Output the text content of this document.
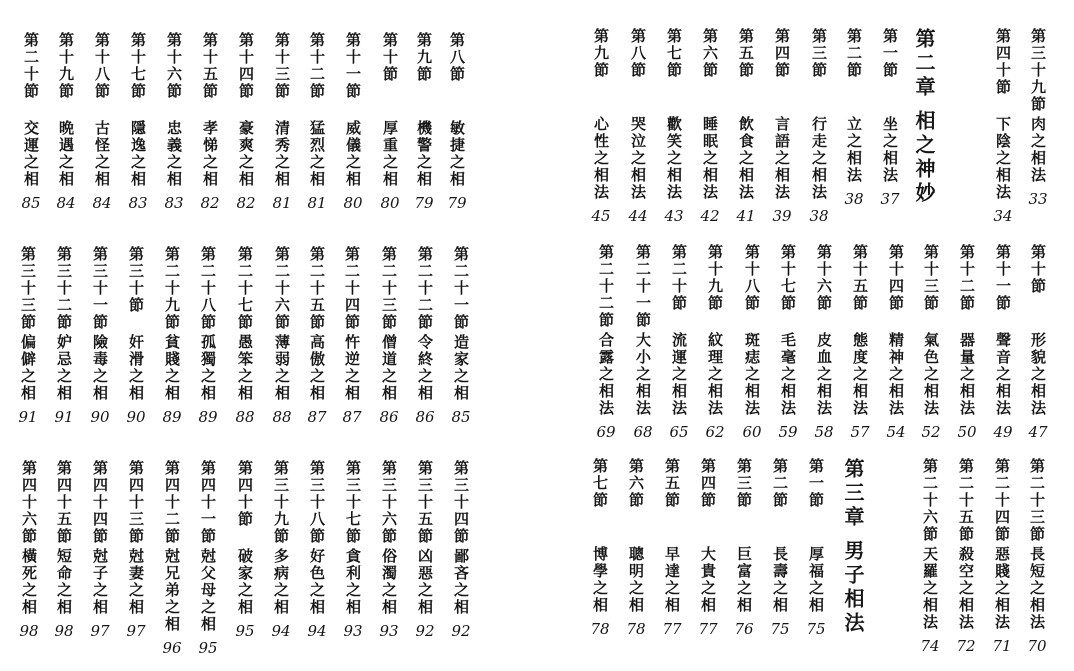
第八節
敏捷之相
79
第九節
機警之相
79
第十節
厚重之相
80
第十一節
威儀之相
80
第十二節
猛烈之相
81
第十三節
清秀之相
81
第十四節
豪爽之相
82
第十五節
孝悌之相
82
第十六節
忠義之相
83
第十七節
隱逸之相
83
第十八節
古怪之相
84
第十九節
晩遇之相
84
第二十節
交運之相
85
第二十一節
造家之相
85
第二十二節
令終之相
86
第二十三節
僧道之相
86
第二十四節
忤逆之相
87
第二十五節
高傲之相
87
第二十六節
薄弱之相
88
第二十七節
愚笨之相
88
第二十八節
孤獨之相
89
第二十九節
貧賤之相
89
第三十節
奸滑之相
90
第三十一節
險毒之相
90
第三十二節
妒忌之相
91
第三十三節
偏僻之相
91
第三十四節
鄙吝之相
92
第三十五節
凶惡之相
92
第三十六節
俗濁之相
93
第三十七節
貪利之相
93
第三十八節
好色之相
94
第三十九節
多病之相
94
第四十節
破家之相
95
第四十一節
尅父母之相
95
第四十二節
尅兄弟之相
96
第四十三節
尅妻之相
97
第四十四節
尅子之相
97
第四十五節
短命之相
98
第四十六節
橫死之相
98
第三十九節
肉之相法
33
第四十節
下陰之相法
34
第一節
坐之相法
37
第二節
立之相法
38
第三節
行走之相法
38
第四節
言語之相法
39
第五節
飲食之相法
41
第六節
睡眠之相法
42
第七節
歡笑之相法
43
第八節
哭泣之相法
44
第九節
心性之相法
45
第十節
形貌之相法
47
第十一節
聲音之相法
49
第十二節
器量之相法
50
第十三節
氣色之相法
52
第十四節
精神之相法
54
第十五節
態度之相法
57
第十六節
皮血之相法
58
第十七節
毛毫之相法
59
第十八節
斑痣之相法
60
第十九節
紋理之相法
62
第二十節
流運之相法
65
第二十一節
大小之相法
68
第二十二節
合露之相法
69
第二十三節
長短之相法
70
第二十四節
惡賤之相法
71
第二十五節
殺空之相法
72
第二十六節
天羅之相法
74
第一節
厚福之相
75
第二節
長壽之相
75
第三節
巨富之相
76
第四節
大貴之相
77
第五節
早達之相
77
第六節
聰明之相
78
第七節
博學之相
78
第二章
相之神妙
第三章
男子相法
